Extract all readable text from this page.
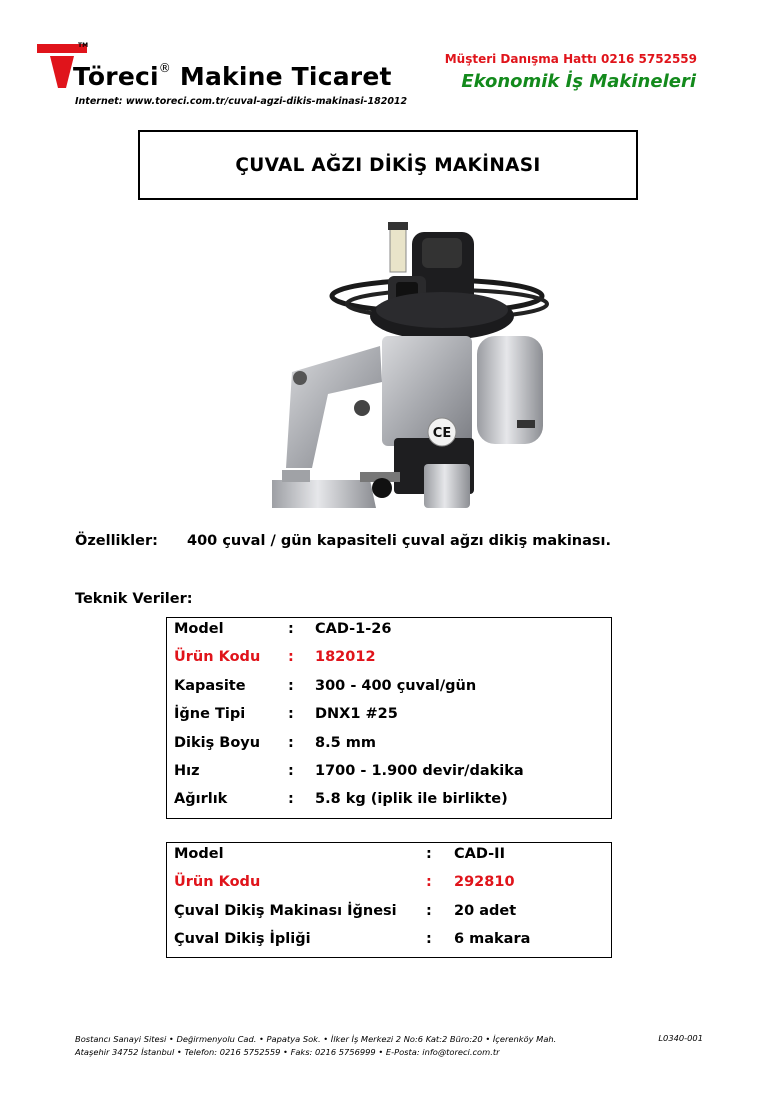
TM
Töreci® Makine Ticaret
Internet: www.toreci.com.tr/cuval-agzi-dikis-makinasi-182012
Müşteri Danışma Hattı 0216 5752559
Ekonomik İş Makineleri
ÇUVAL AĞZI DİKİŞ MAKİNASI
CE
Özellikler: 400 çuval / gün kapasiteli çuval ağzı dikiş makinası.
Teknik Veriler:
Model	: CAD-1-26
Ürün Kodu : 182012
Kapasite	: 300 - 400 çuval/gün
İğne Tipi	: DNX1 #25
Dikiş Boyu : 8.5 mm
Hız	: 1700 - 1.900 devir/dakika
Ağırlık	: 5.8 kg (iplik ile birlikte)
Model	: CAD-II
Ürün Kodu	: 292810
Çuval Dikiş Makinası İğnesi : 20 adet
Çuval Dikiş İpliği	: 6 makara
Bostancı Sanayi Sitesi • Değirmenyolu Cad. • Papatya Sok. • İlker İş Merkezi 2 No:6 Kat:2 Büro:20 • İçerenköy Mah.
Ataşehir 34752 İstanbul • Telefon: 0216 5752559 • Faks: 0216 5756999 • E-Posta: info@toreci.com.tr
L0340-001
